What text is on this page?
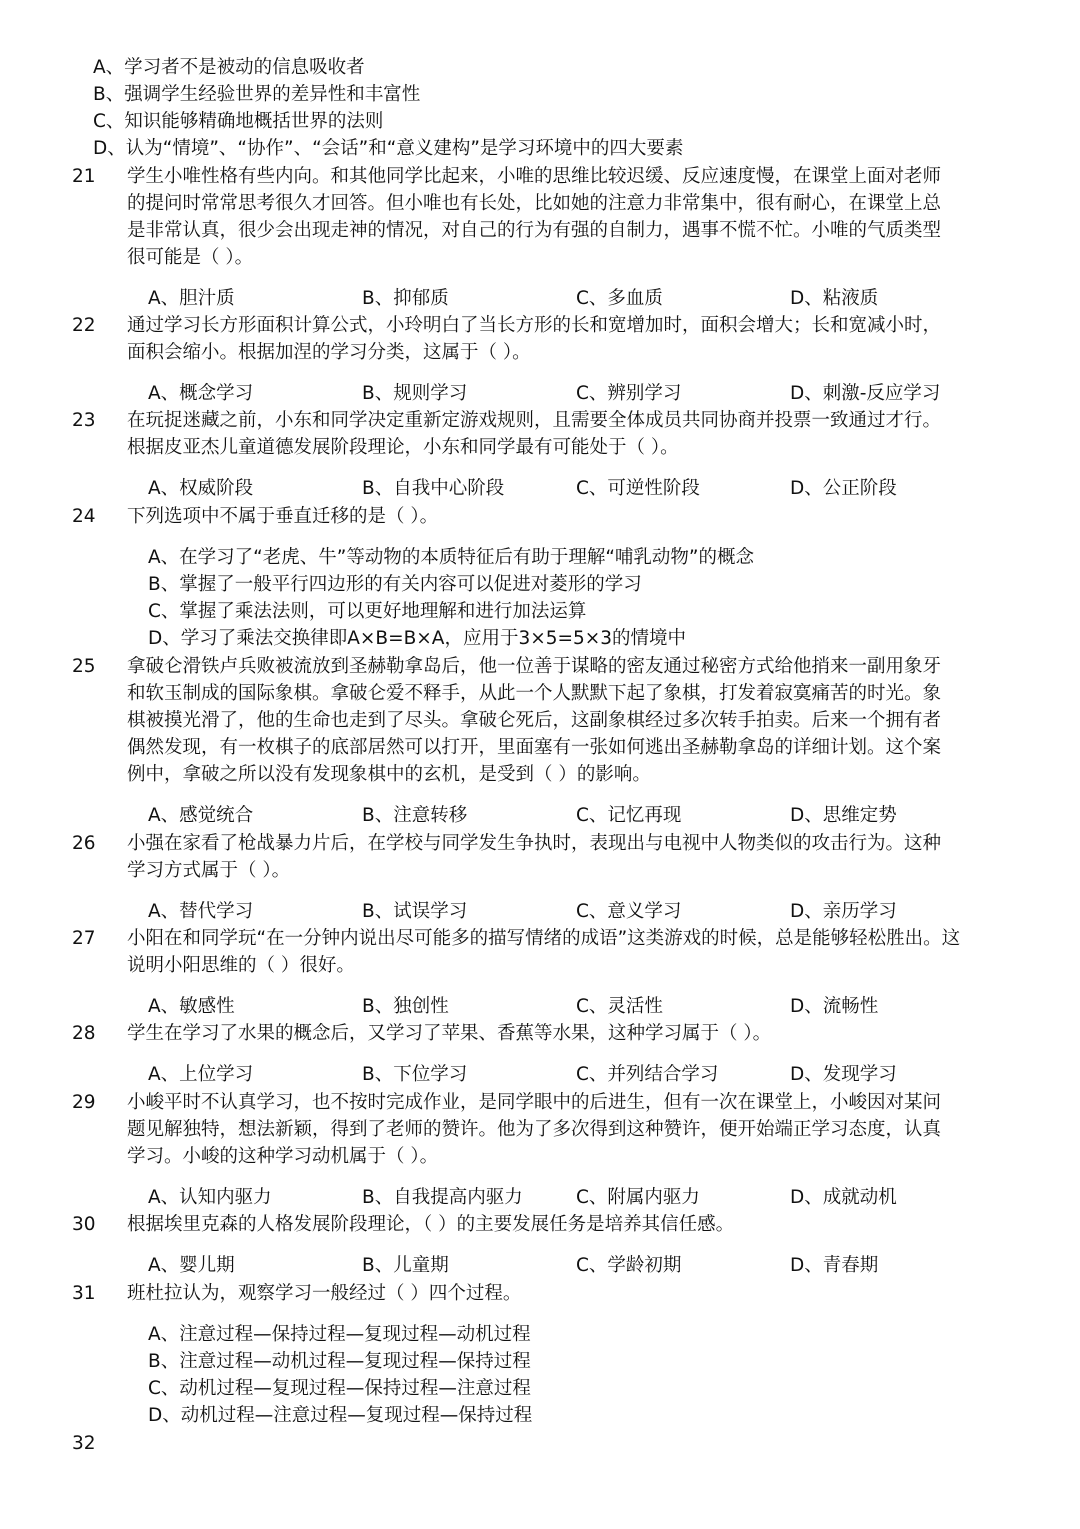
A、学习者不是被动的信息吸收者
B、强调学生经验世界的差异性和丰富性
C、知识能够精确地概括世界的法则
D、认为“情境”、“协作”、“会话”和“意义建构”是学习环境中的四大要素
21	学生小唯性格有些内向。和其他同学比起来，小唯的思维比较迟缓、反应速度慢，在课堂上面对老师
的提问时常常思考很久才回答。但小唯也有长处，比如她的注意力非常集中，很有耐心，在课堂上总
是非常认真，很少会出现走神的情况，对自己的行为有强的自制力，遇事不慌不忙。小唯的气质类型
很可能是（ ）。
A、胆汁质	B、抑郁质	C、多血质	D、粘液质
22	通过学习长方形面积计算公式，小玲明白了当长方形的长和宽增加时，面积会增大；长和宽减小时，
面积会缩小。根据加涅的学习分类，这属于（ ）。
A、概念学习	B、规则学习	C、辨别学习	D、刺激-反应学习
23	在玩捉迷藏之前，小东和同学决定重新定游戏规则，且需要全体成员共同协商并投票一致通过才行。
根据皮亚杰儿童道德发展阶段理论，小东和同学最有可能处于（ ）。
A、权威阶段	B、自我中心阶段	C、可逆性阶段	D、公正阶段
24	下列选项中不属于垂直迁移的是（ ）。
A、在学习了“老虎、牛”等动物的本质特征后有助于理解“哺乳动物”的概念
B、掌握了一般平行四边形的有关内容可以促进对菱形的学习
C、掌握了乘法法则，可以更好地理解和进行加法运算
D、学习了乘法交换律即A×B=B×A，应用于3×5=5×3的情境中
25	拿破仑滑铁卢兵败被流放到圣赫勒拿岛后，他一位善于谋略的密友通过秘密方式给他捎来一副用象牙
和软玉制成的国际象棋。拿破仑爱不释手，从此一个人默默下起了象棋，打发着寂寞痛苦的时光。象
棋被摸光滑了，他的生命也走到了尽头。拿破仑死后，这副象棋经过多次转手拍卖。后来一个拥有者
偶然发现，有一枚棋子的底部居然可以打开，里面塞有一张如何逃出圣赫勒拿岛的详细计划。这个案
例中，拿破之所以没有发现象棋中的玄机，是受到（ ）的影响。
A、感觉统合	B、注意转移	C、记忆再现	D、思维定势
26	小强在家看了枪战暴力片后，在学校与同学发生争执时，表现出与电视中人物类似的攻击行为。这种
学习方式属于（ ）。
A、替代学习	B、试误学习	C、意义学习	D、亲历学习
27	小阳在和同学玩“在一分钟内说出尽可能多的描写情绪的成语”这类游戏的时候，总是能够轻松胜出。这
说明小阳思维的（ ）很好。
A、敏感性	B、独创性	C、灵活性	D、流畅性
28	学生在学习了水果的概念后，又学习了苹果、香蕉等水果，这种学习属于（ ）。
A、上位学习	B、下位学习	C、并列结合学习	D、发现学习
29	小峻平时不认真学习，也不按时完成作业，是同学眼中的后进生，但有一次在课堂上，小峻因对某问
题见解独特，想法新颖，得到了老师的赞许。他为了多次得到这种赞许，便开始端正学习态度，认真
学习。小峻的这种学习动机属于（ ）。
A、认知内驱力	B、自我提高内驱力	C、附属内驱力	D、成就动机
30	根据埃里克森的人格发展阶段理论，（ ）的主要发展任务是培养其信任感。
A、婴儿期	B、儿童期	C、学龄初期	D、青春期
31	班杜拉认为，观察学习一般经过（ ）四个过程。
A、注意过程—保持过程—复现过程—动机过程
B、注意过程—动机过程—复现过程—保持过程
C、动机过程—复现过程—保持过程—注意过程
D、动机过程—注意过程—复现过程—保持过程
32
